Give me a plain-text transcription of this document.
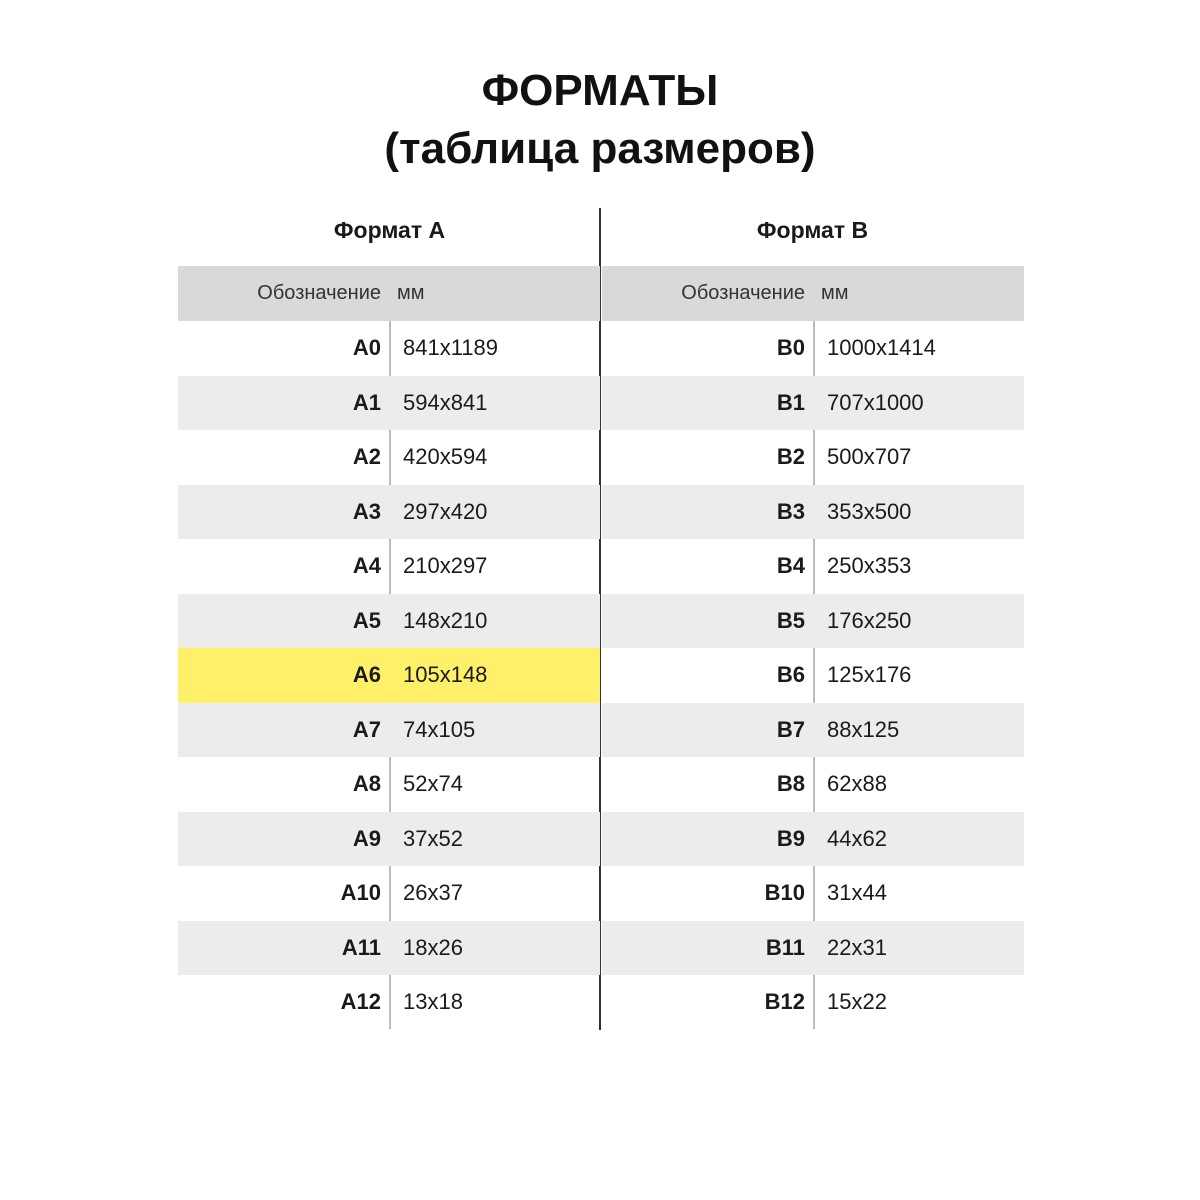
ФОРМАТЫ
(таблица размеров)
Формат А	Формат В
Обозначение мм
A0	841x1189
A1	594x841
A2	420x594
A3	297x420
A4	210x297
A5	148x210
A6	105x148
A7	74x105
A8	52x74
A9	37x52
A10	26x37
A11	18x26
A12	13x18
Обозначение мм
B0	1000x1414
B1	707x1000
B2	500x707
B3	353x500
B4	250x353
B5	176x250
B6	125x176
B7	88x125
B8	62x88
B9	44x62
B10	31x44
B11	22x31
B12	15x22
